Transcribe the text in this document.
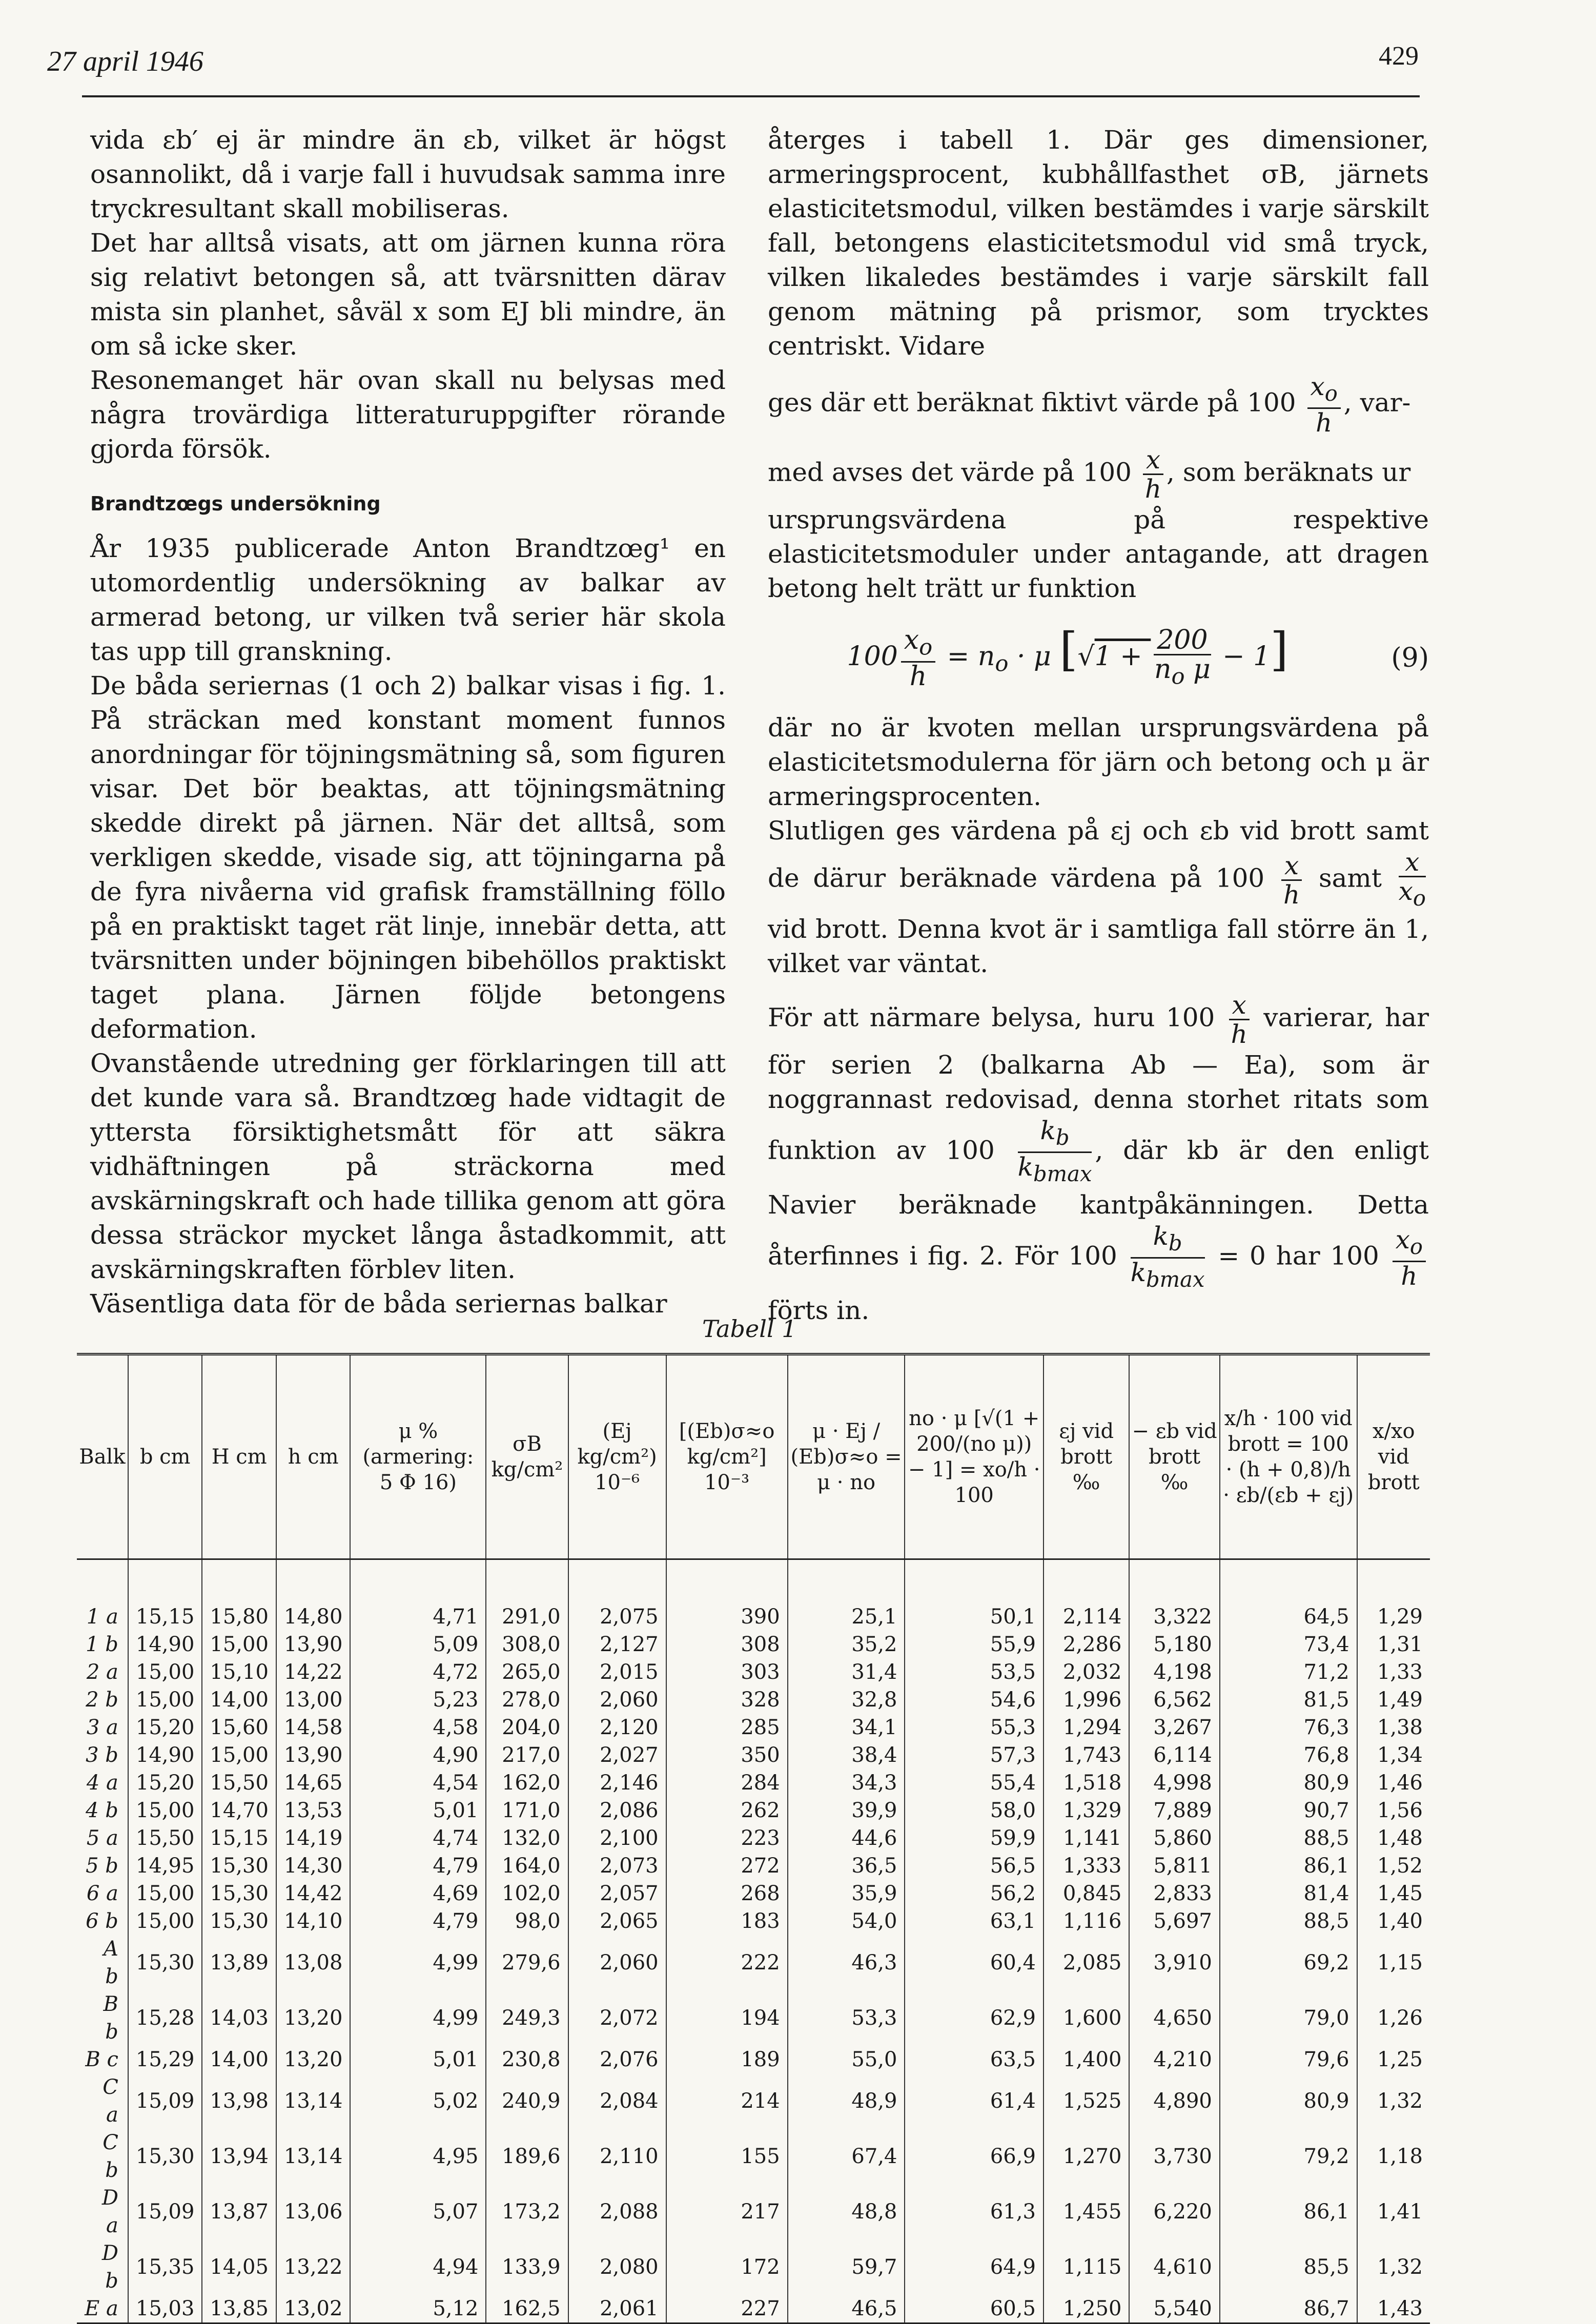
27 april 1946	429

vida εb′ ej är mindre än εb, vilket är högst osannolikt, då i varje fall i huvudsak samma inre tryckresultant skall mobiliseras.

Det har alltså visats, att om järnen kunna röra sig relativt betongen så, att tvärsnitten därav mista sin planhet, såväl x som EJ bli mindre, än om så icke sker.

Resonemanget här ovan skall nu belysas med några trovärdiga litteraturuppgifter rörande gjorda försök.

Brandtzœgs undersökning

År 1935 publicerade Anton Brandtzœg¹ en utomordentlig undersökning av balkar av armerad betong, ur vilken två serier här skola tas upp till granskning.

De båda seriernas (1 och 2) balkar visas i fig. 1. På sträckan med konstant moment funnos anordningar för töjningsmätning så, som figuren visar. Det bör beaktas, att töjningsmätning skedde direkt på järnen. När det alltså, som verkligen skedde, visade sig, att töjningarna på de fyra nivåerna vid grafisk framställning föllo på en praktiskt taget rät linje, innebär detta, att tvärsnitten under böjningen bibehöllos praktiskt taget plana. Järnen följde betongens deformation.

Ovanstående utredning ger förklaringen till att det kunde vara så. Brandtzœg hade vidtagit de yttersta försiktighetsmått för att säkra vidhäftningen på sträckorna med avskärningskraft och hade tillika genom att göra dessa sträckor mycket långa åstadkommit, att avskärningskraften förblev liten.

Väsentliga data för de båda seriernas balkar

återges i tabell 1. Där ges dimensioner, armeringsprocent, kubhållfasthet σB, järnets elasticitetsmodul, vilken bestämdes i varje särskilt fall, betongens elasticitetsmodul vid små tryck, vilken likaledes bestämdes i varje särskilt fall genom mätning på prismor, som trycktes centriskt. Vidare

ges där ett beräknat fiktivt värde på $100 \frac{x_o}{h}$ , var-

med avses det värde på $100 \frac{x}{h}$ , som beräknats ur

ursprungsvärdena på respektive elasticitetsmoduler under antagande, att dragen betong helt trätt ur funktion

$100 \frac{x_o}{h} = n_o \cdot \mu$ $[√1 + \frac{200}{n_o \mu} - 1]$	(9)

där no är kvoten mellan ursprungsvärdena på elasticitetsmodulerna för järn och betong och μ är armeringsprocenten.

Slutligen ges värdena på εj och εb vid brott samt de därur beräknade värdena på $100 \frac{x}{h}$ samt $\frac{x}{x_o}$
vid brott. Denna kvot är i samtliga fall större än 1, vilket var väntat.

För att närmare belysa, huru $100 \frac{x}{h}$ varierar, har för serien 2 (balkarna Ab — Ea), som är noggrannast redovisad, denna storhet ritats som funktion av $100 \frac{k_b}{k_{bmax}}$ , där kb är den enligt Navier beräknade kantpåkänningen. Detta återfinnes i fig. 2. För $100 \frac{k_b}{k_{bmax}} = 0$ har $100 \frac{x_o}{h}$
förts in.

Tabell 1
Balk	b cm	H cm	h cm	μ % (armering: 5 Φ 16)	σB kg/cm²	(Ej kg/cm²) 10⁻⁶	[(Eb)σ≈o kg/cm²] 10⁻³	μ · Ej / (Eb)σ≈o = μ · no	no · μ [√(1 + 200/(no μ)) − 1] = xo/h · 100	εj vid brott ‰	− εb vid brott ‰	x/h · 100 vid brott = 100 · (h + 0,8)/h · εb/(εb + εj)	x/xo vid brott
1 a	15,15	15,80	14,80	4,71	291,0	2,075	390	25,1	50,1	2,114	3,322	64,5	1,29
1 b	14,90	15,00	13,90	5,09	308,0	2,127	308	35,2	55,9	2,286	5,180	73,4	1,31
2 a	15,00	15,10	14,22	4,72	265,0	2,015	303	31,4	53,5	2,032	4,198	71,2	1,33
2 b	15,00	14,00	13,00	5,23	278,0	2,060	328	32,8	54,6	1,996	6,562	81,5	1,49
3 a	15,20	15,60	14,58	4,58	204,0	2,120	285	34,1	55,3	1,294	3,267	76,3	1,38
3 b	14,90	15,00	13,90	4,90	217,0	2,027	350	38,4	57,3	1,743	6,114	76,8	1,34
4 a	15,20	15,50	14,65	4,54	162,0	2,146	284	34,3	55,4	1,518	4,998	80,9	1,46
4 b	15,00	14,70	13,53	5,01	171,0	2,086	262	39,9	58,0	1,329	7,889	90,7	1,56
5 a	15,50	15,15	14,19	4,74	132,0	2,100	223	44,6	59,9	1,141	5,860	88,5	1,48
5 b	14,95	15,30	14,30	4,79	164,0	2,073	272	36,5	56,5	1,333	5,811	86,1	1,52
6 a	15,00	15,30	14,42	4,69	102,0	2,057	268	35,9	56,2	0,845	2,833	81,4	1,45
6 b	15,00	15,30	14,10	4,79	98,0	2,065	183	54,0	63,1	1,116	5,697	88,5	1,40
A b	15,30	13,89	13,08	4,99	279,6	2,060	222	46,3	60,4	2,085	3,910	69,2	1,15
B b	15,28	14,03	13,20	4,99	249,3	2,072	194	53,3	62,9	1,600	4,650	79,0	1,26
B c	15,29	14,00	13,20	5,01	230,8	2,076	189	55,0	63,5	1,400	4,210	79,6	1,25
C a	15,09	13,98	13,14	5,02	240,9	2,084	214	48,9	61,4	1,525	4,890	80,9	1,32
C b	15,30	13,94	13,14	4,95	189,6	2,110	155	67,4	66,9	1,270	3,730	79,2	1,18
D a	15,09	13,87	13,06	5,07	173,2	2,088	217	48,8	61,3	1,455	6,220	86,1	1,41
D b	15,35	14,05	13,22	4,94	133,9	2,080	172	59,7	64,9	1,115	4,610	85,5	1,32
E a	15,03	13,85	13,02	5,12	162,5	2,061	227	46,5	60,5	1,250	5,540	86,7	1,43
